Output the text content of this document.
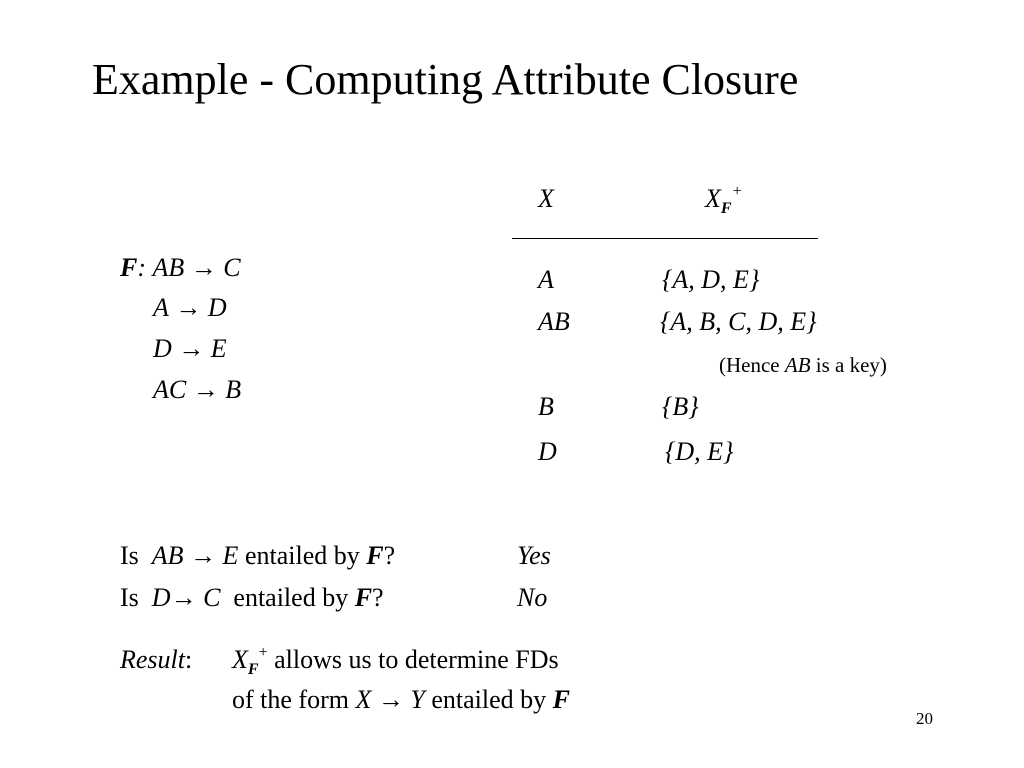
Example - Computing Attribute Closure
F: AB → C
A → D
D → E
AC → B
X	$X_F^+$
A	{A, D, E}
AB	{A, B, C, D, E}
(Hence AB is a key)
B	{B}
D	{D, E}
Is AB → E entailed by F?	Yes
Is D→ C entailed by F?	No
Result: $X_F^+$ allows us to determine FDs
of the form X → Y entailed by F
20
